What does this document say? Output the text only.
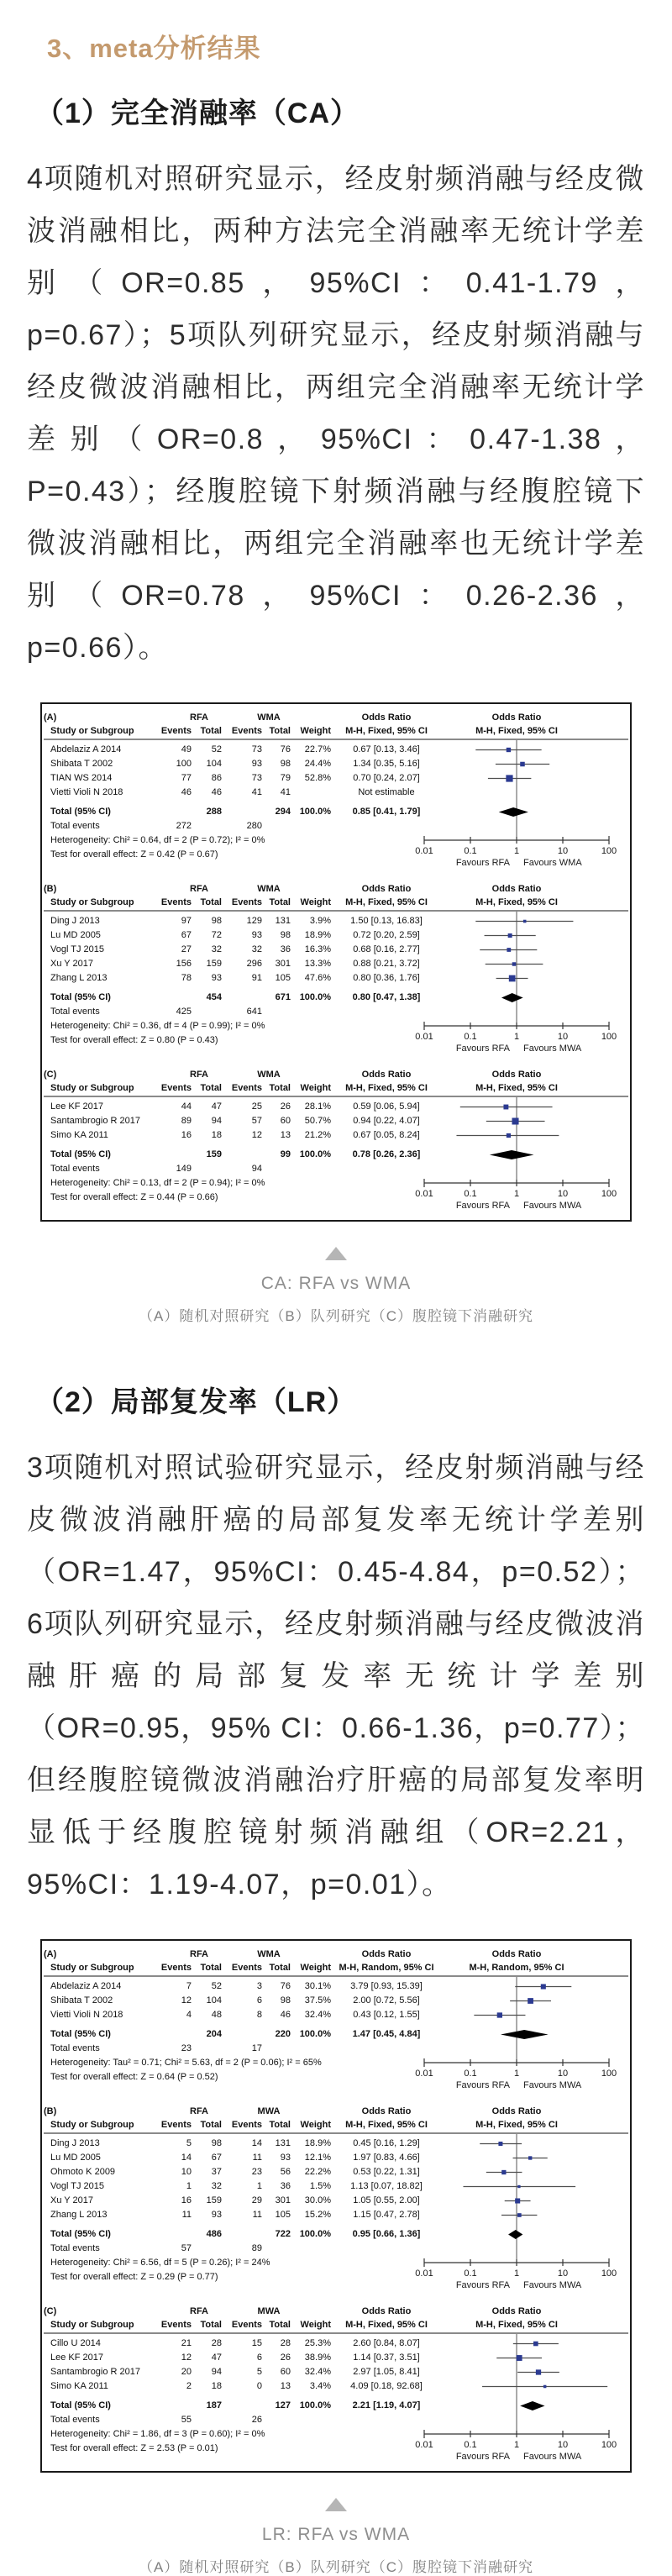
3、meta分析结果
（1）完全消融率（CA）

4项随机对照研究显示，经皮射频消融与经皮微波消融相比，两种方法完全消融率无统计学差别（OR=0.85，95%CI：0.41-1.79，p=0.67）；5项队列研究显示，经皮射频消融与经皮微波消融相比，两组完全消融率无统计学差别（OR=0.8，95%CI：0.47-1.38，P=0.43）；经腹腔镜下射频消融与经腹腔镜下微波消融相比，两组完全消融率也无统计学差别（OR=0.78，95%CI：0.26-2.36，p=0.66）。

(A)	RFA	WMA	Odds Ratio	Odds Ratio
Study or Subgroup	Events Total Events Total Weight	M-H, Fixed, 95% CI	M-H, Fixed, 95% CI
Abdelaziz A 2014	49 52	73 76 22.7%	0.67 [0.13, 3.46]
Shibata T 2002	100 104	93 98 24.4%	1.34 [0.35, 5.16]
TIAN WS 2014	77 86	73 79 52.8%	0.70 [0.24, 2.07]
Vietti Violi N 2018	46 46	41 41	Not estimable
Total (95% CI)	288	294 100.0%	0.85 [0.41, 1.79]
Total events	272	280
Heterogeneity: Chi² = 0.64, df = 2 (P = 0.72); I² = 0%
Test for overall effect: Z = 0.42 (P = 0.67)	0.01	0.1	1	10	100
Favours RFA Favours WMA
(B)	RFA	WMA	Odds Ratio	Odds Ratio
Study or Subgroup	Events Total Events Total Weight	M-H, Fixed, 95% CI	M-H, Fixed, 95% CI
Ding J 2013	97 98	129 131 3.9%	1.50 [0.13, 16.83]
Lu MD 2005	67 72	93 98 18.9%	0.72 [0.20, 2.59]
Vogl TJ 2015	27 32	32 36 16.3%	0.68 [0.16, 2.77]
Xu Y 2017	156 159	296 301 13.3%	0.88 [0.21, 3.72]
Zhang L 2013	78 93	91 105 47.6%	0.80 [0.36, 1.76]
Total (95% CI)	454	671 100.0%	0.80 [0.47, 1.38]
Total events	425	641
Heterogeneity: Chi² = 0.36, df = 4 (P = 0.99); I² = 0%
Test for overall effect: Z = 0.80 (P = 0.43)	0.01	0.1	1	10	100
Favours RFA Favours MWA
(C)	RFA	WMA	Odds Ratio	Odds Ratio
Study or Subgroup	Events Total Events Total Weight	M-H, Fixed, 95% CI	M-H, Fixed, 95% CI
Lee KF 2017	44 47	25 26 28.1%	0.59 [0.06, 5.94]
Santambrogio R 2017	89 94	57 60 50.7%	0.94 [0.22, 4.07]
Simo KA 2011	16 18	12 13 21.2%	0.67 [0.05, 8.24]
Total (95% CI)	159	99 100.0%	0.78 [0.26, 2.36]
Total events	149	94
Heterogeneity: Chi² = 0.13, df = 2 (P = 0.94); I² = 0%
Test for overall effect: Z = 0.44 (P = 0.66)	0.01	0.1	1	10	100
Favours RFA Favours MWA
CA: RFA vs WMA
（A）随机对照研究（B）队列研究（C）腹腔镜下消融研究
（2）局部复发率（LR）

3项随机对照试验研究显示，经皮射频消融与经皮微波消融肝癌的局部复发率无统计学差别（OR=1.47，95%CI：0.45-4.84，p=0.52）；6项队列研究显示，经皮射频消融与经皮微波消融肝癌的局部复发率无统计学差别（OR=0.95，95% CI：0.66-1.36，p=0.77）；但经腹腔镜微波消融治疗肝癌的局部复发率明显低于经腹腔镜射频消融组（OR=2.21，95%CI：1.19-4.07，p=0.01）。

(A)	RFA	WMA	Odds Ratio	Odds Ratio
Study or Subgroup	Events Total Events Total Weight M-H, Random, 95% CI	M-H, Random, 95% CI
Abdelaziz A 2014	7 52	3 76 30.1%	3.79 [0.93, 15.39]
Shibata T 2002	12 104	6 98 37.5%	2.00 [0.72, 5.56]
Vietti Violi N 2018	4 48	8 46 32.4%	0.43 [0.12, 1.55]
Total (95% CI)	204	220 100.0%	1.47 [0.45, 4.84]
Total events	23	17
Heterogeneity: Tau² = 0.71; Chi² = 5.63, df = 2 (P = 0.06); I² = 65%
Test for overall effect: Z = 0.64 (P = 0.52)	0.01	0.1	1	10	100
Favours RFA Favours MWA
(B)	RFA	MWA	Odds Ratio	Odds Ratio
Study or Subgroup	Events Total Events Total Weight	M-H, Fixed, 95% CI	M-H, Fixed, 95% CI
Ding J 2013	5 98	14 131 18.9%	0.45 [0.16, 1.29]
Lu MD 2005	14 67	11 93 12.1%	1.97 [0.83, 4.66]
Ohmoto K 2009	10 37	23 56 22.2%	0.53 [0.22, 1.31]
Vogl TJ 2015	1 32	1 36 1.5%	1.13 [0.07, 18.82]
Xu Y 2017	16 159	29 301 30.0%	1.05 [0.55, 2.00]
Zhang L 2013	11 93	11 105 15.2%	1.15 [0.47, 2.78]
Total (95% CI)	486	722 100.0%	0.95 [0.66, 1.36]
Total events	57	89
Heterogeneity: Chi² = 6.56, df = 5 (P = 0.26); I² = 24%
Test for overall effect: Z = 0.29 (P = 0.77)	0.01	0.1	1	10	100
Favours RFA Favours MWA
(C)	RFA	MWA	Odds Ratio	Odds Ratio
Study or Subgroup	Events Total Events Total Weight	M-H, Fixed, 95% CI	M-H, Fixed, 95% CI
Cillo U 2014	21 28	15 28 25.3%	2.60 [0.84, 8.07]
Lee KF 2017	12 47	6 26 38.9%	1.14 [0.37, 3.51]
Santambrogio R 2017	20 94	5 60 32.4%	2.97 [1.05, 8.41]
Simo KA 2011	2 18	0 13 3.4%	4.09 [0.18, 92.68]
Total (95% CI)	187	127 100.0%	2.21 [1.19, 4.07]
Total events	55	26
Heterogeneity: Chi² = 1.86, df = 3 (P = 0.60); I² = 0%
Test for overall effect: Z = 2.53 (P = 0.01)	0.01	0.1	1	10	100
Favours RFA Favours MWA
LR: RFA vs WMA
（A）随机对照研究（B）队列研究（C）腹腔镜下消融研究
